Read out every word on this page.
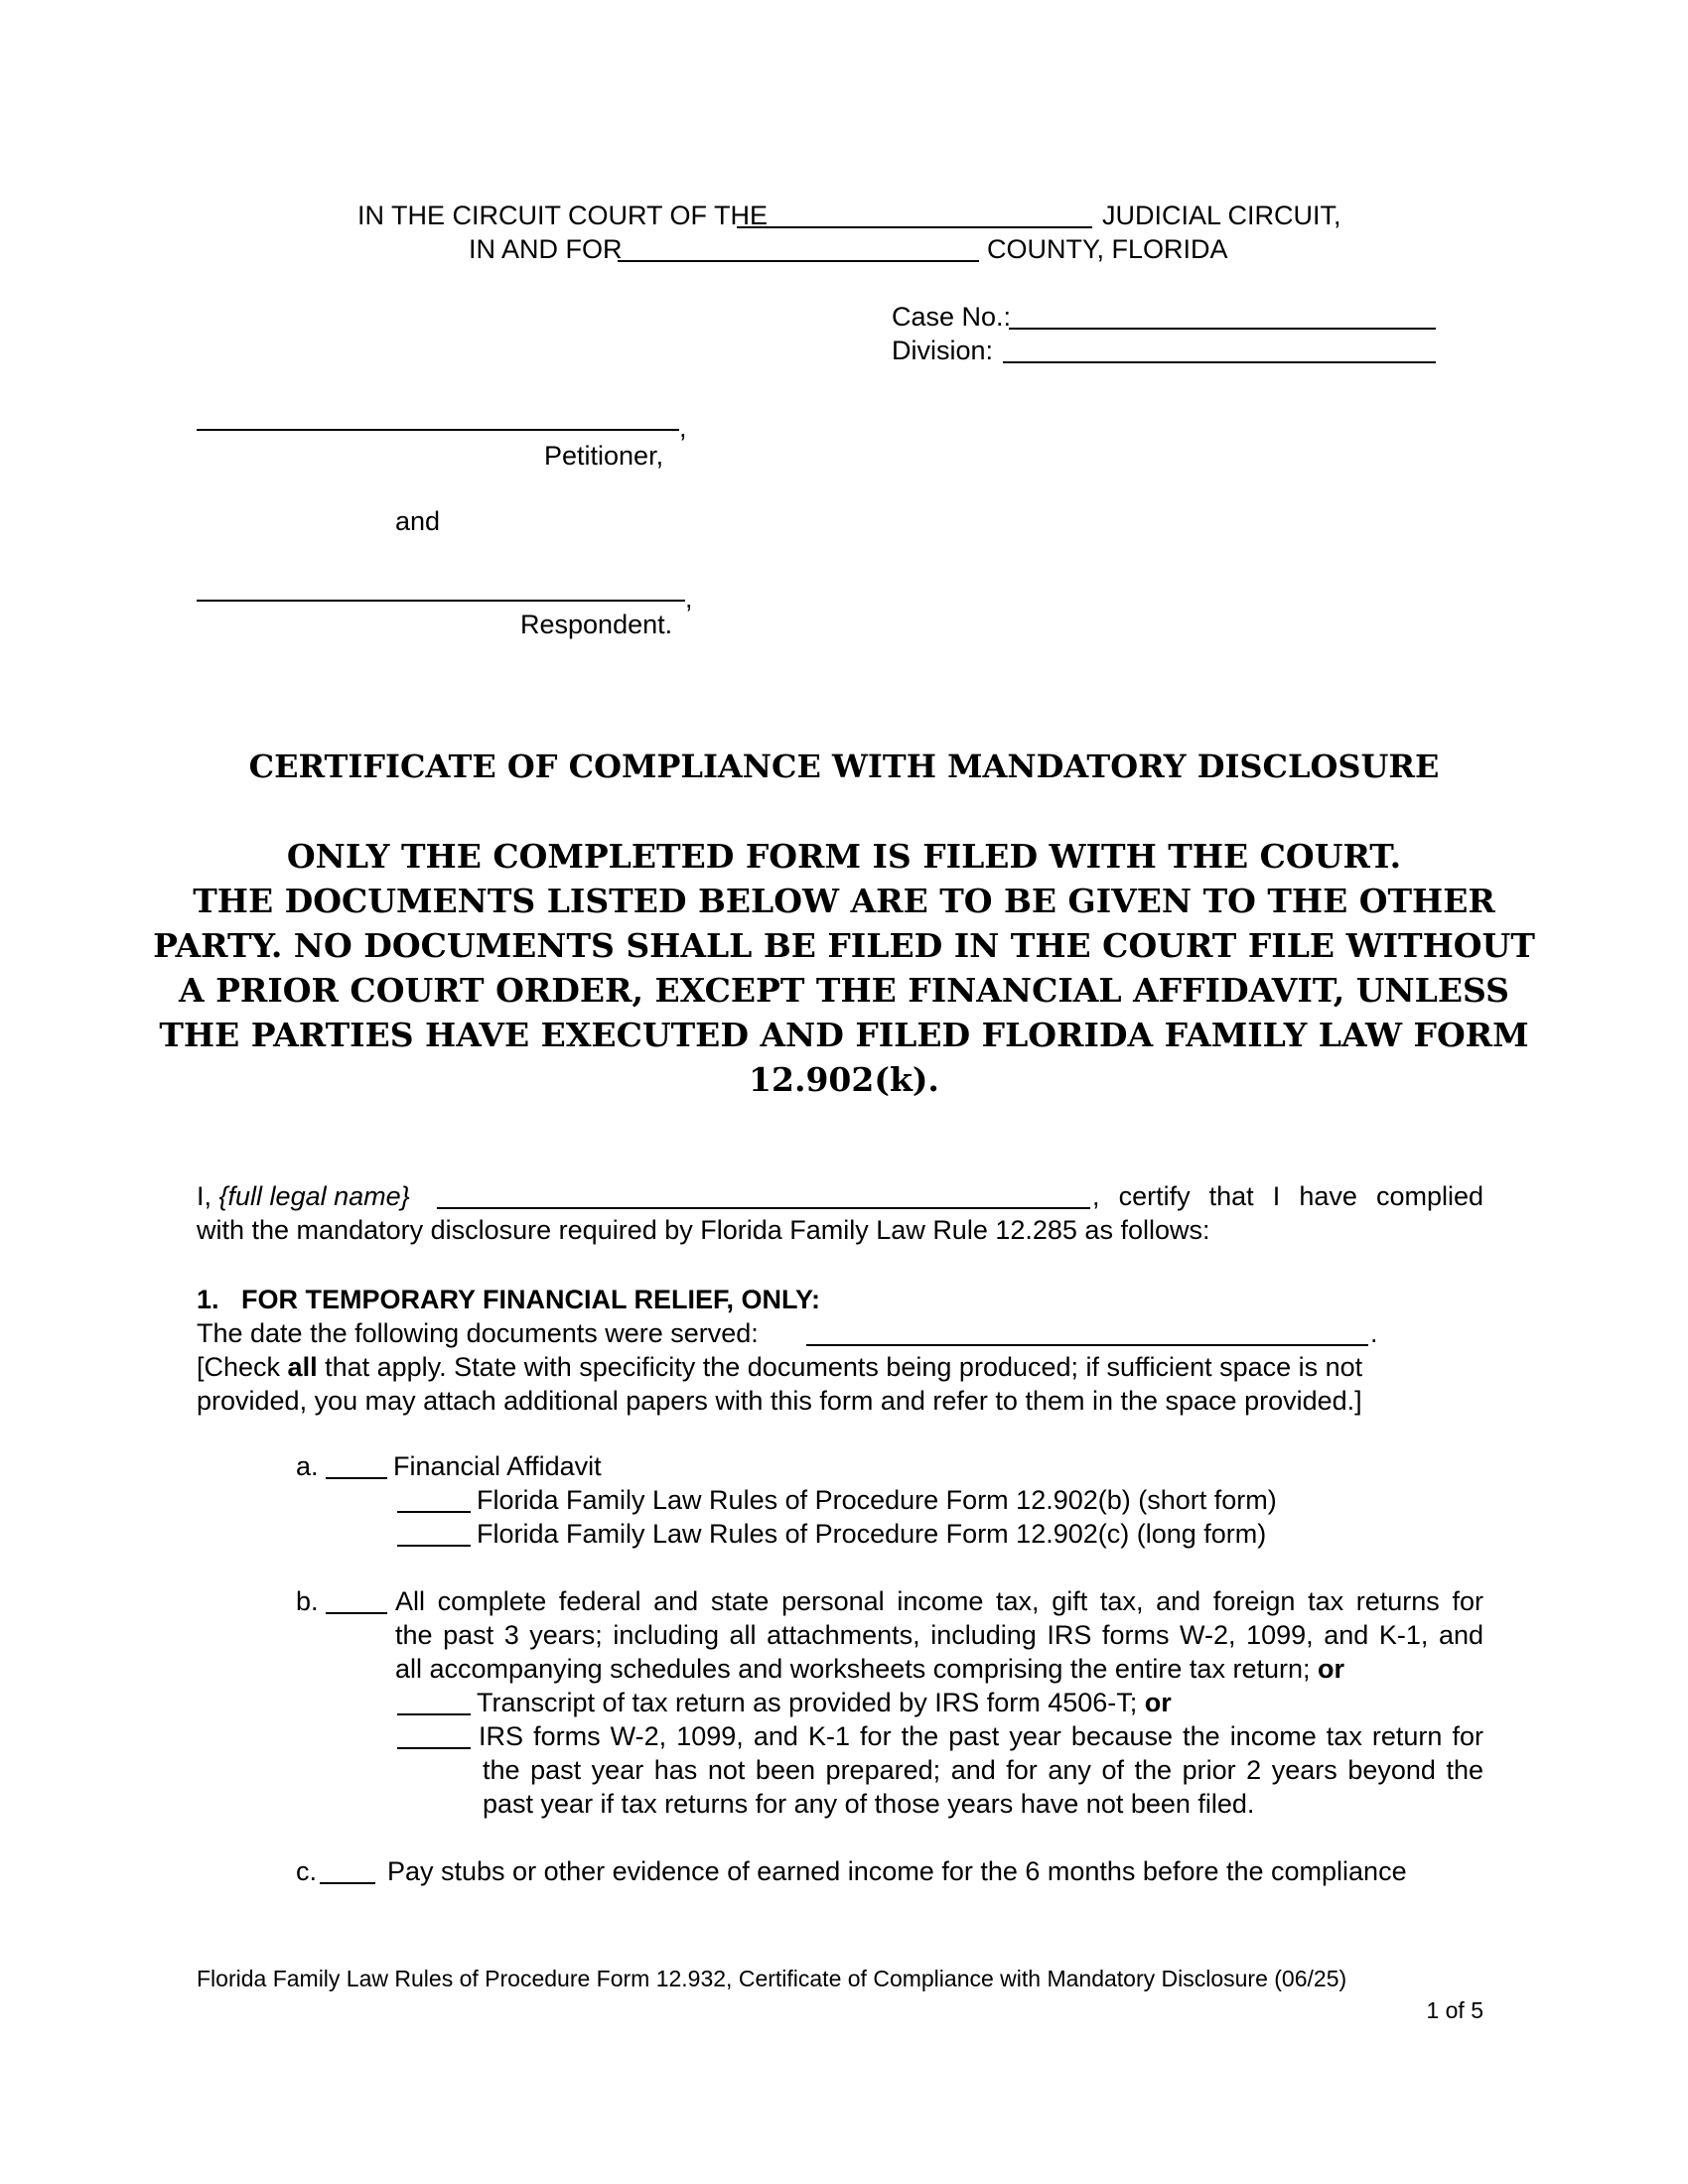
IN THE CIRCUIT COURT OF THE	JUDICIAL CIRCUIT,
IN AND FOR	COUNTY, FLORIDA
Case No.:
Division:
,
Petitioner,
and
,
Respondent.
CERTIFICATE OF COMPLIANCE WITH MANDATORY DISCLOSURE
ONLY THE COMPLETED FORM IS FILED WITH THE COURT.
THE DOCUMENTS LISTED BELOW ARE TO BE GIVEN TO THE OTHER
PARTY. NO DOCUMENTS SHALL BE FILED IN THE COURT FILE WITHOUT
A PRIOR COURT ORDER, EXCEPT THE FINANCIAL AFFIDAVIT, UNLESS
THE PARTIES HAVE EXECUTED AND FILED FLORIDA FAMILY LAW FORM
12.902(k).
I, {full legal name}	, certify that I have complied
with the mandatory disclosure required by Florida Family Law Rule 12.285 as follows:
1.   FOR TEMPORARY FINANCIAL RELIEF, ONLY:
The date the following documents were served:	.
[Check all that apply. State with specificity the documents being produced; if sufficient space is not
provided, you may attach additional papers with this form and refer to them in the space provided.]
a.	Financial Affidavit
Florida Family Law Rules of Procedure Form 12.902(b) (short form)
Florida Family Law Rules of Procedure Form 12.902(c) (long form)
b.	All complete federal and state personal income tax, gift tax, and foreign tax returns for
the past 3 years; including all attachments, including IRS forms W-2, 1099, and K-1, and
all accompanying schedules and worksheets comprising the entire tax return; or
Transcript of tax return as provided by IRS form 4506-T; or
IRS forms W-2, 1099, and K-1 for the past year because the income tax return for
the past year has not been prepared; and for any of the prior 2 years beyond the
past year if tax returns for any of those years have not been filed.
c.	Pay stubs or other evidence of earned income for the 6 months before the compliance
Florida Family Law Rules of Procedure Form 12.932, Certificate of Compliance with Mandatory Disclosure (06/25)
1 of 5
